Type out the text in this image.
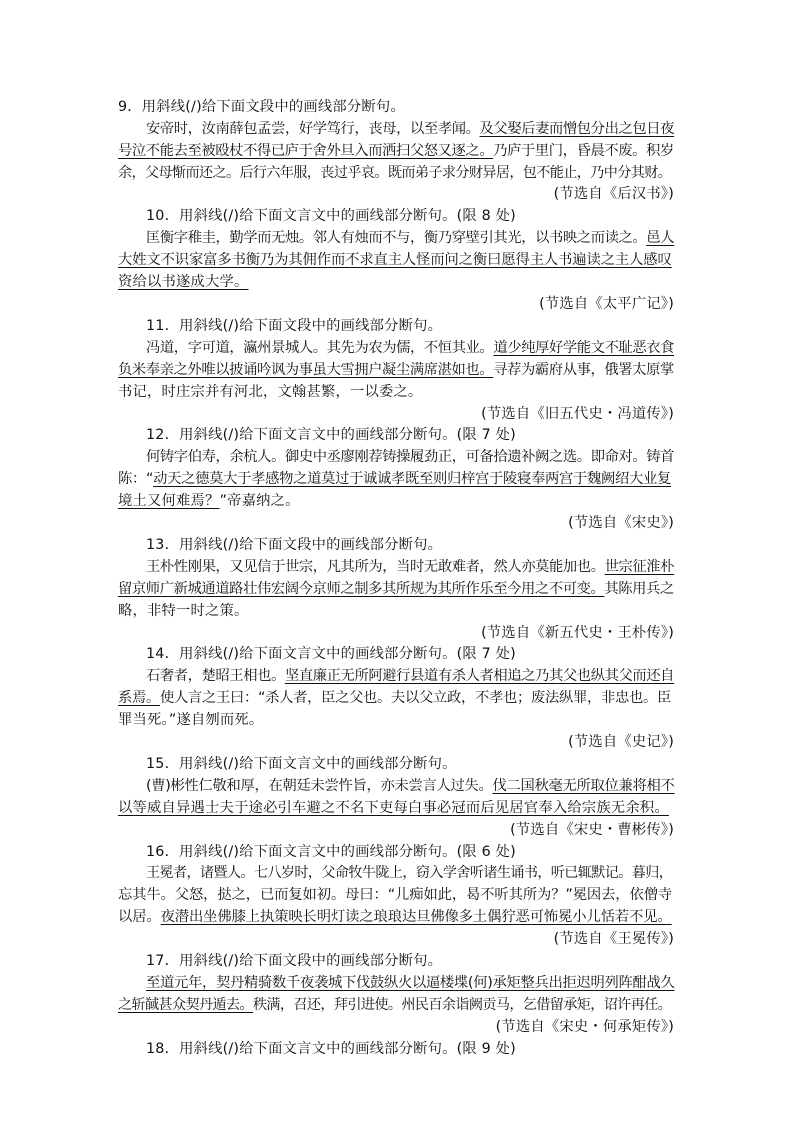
9．用斜线(/)给下面文段中的画线部分断句。
安帝时，汝南薛包孟尝，好学笃行，丧母，以至孝闻。及父娶后妻而憎包分出之包日夜
号泣不能去至被殴杖不得已庐于舍外旦入而洒扫父怒又逐之。乃庐于里门，昏晨不废。积岁
余，父母惭而还之。后行六年服，丧过乎哀。既而弟子求分财异居，包不能止，乃中分其财。
(节选自《后汉书》)
10．用斜线(/)给下面文言文中的画线部分断句。(限 8 处)
匡衡字稚圭，勤学而无烛。邻人有烛而不与，衡乃穿壁引其光，以书映之而读之。邑人
大姓文不识家富多书衡乃为其佣作而不求直主人怪而问之衡曰愿得主人书遍读之主人感叹
资给以书遂成大学。
(节选自《太平广记》)
11．用斜线(/)给下面文段中的画线部分断句。
冯道，字可道，瀛州景城人。其先为农为儒，不恒其业。道少纯厚好学能文不耻恶衣食
负米奉亲之外唯以披诵吟讽为事虽大雪拥户凝尘满席湛如也。寻荐为霸府从事，俄署太原掌
书记，时庄宗并有河北，文翰甚繁，一以委之。
(节选自《旧五代史・冯道传》)
12．用斜线(/)给下面文言文中的画线部分断句。(限 7 处)
何铸字伯寿，余杭人。御史中丞廖刚荐铸操履劲正，可备拾遗补阙之选。即命对。铸首
陈：“动天之德莫大于孝感物之道莫过于诚诚孝既至则归梓宫于陵寝奉两宫于魏阙绍大业复
境土又何难焉？”帝嘉纳之。
(节选自《宋史》)
13．用斜线(/)给下面文段中的画线部分断句。
王朴性刚果，又见信于世宗，凡其所为，当时无敢难者，然人亦莫能加也。世宗征淮朴
留京师广新城通道路壮伟宏阔今京师之制多其所规为其所作乐至今用之不可变。其陈用兵之
略，非特一时之策。
(节选自《新五代史・王朴传》)
14．用斜线(/)给下面文言文中的画线部分断句。(限 7 处)
石奢者，楚昭王相也。坚直廉正无所阿避行县道有杀人者相追之乃其父也纵其父而还自
系焉。使人言之王曰：“杀人者，臣之父也。夫以父立政，不孝也；废法纵罪，非忠也。臣
罪当死。”遂自刎而死。
(节选自《史记》)
15．用斜线(/)给下面文言文中的画线部分断句。
(曹)彬性仁敬和厚，在朝廷未尝忤旨，亦未尝言人过失。伐二国秋毫无所取位兼将相不
以等威自异遇士夫于途必引车避之不名下吏每白事必冠而后见居官奉入给宗族无余积。
(节选自《宋史・曹彬传》)
16．用斜线(/)给下面文言文中的画线部分断句。(限 6 处)
王冕者，诸暨人。七八岁时，父命牧牛陇上，窃入学舍听诸生诵书，听已辄默记。暮归，
忘其牛。父怒，挞之，已而复如初。母曰：“儿痴如此，曷不听其所为？”冕因去，依僧寺
以居。夜潜出坐佛膝上执策映长明灯读之琅琅达旦佛像多土偶狞恶可怖冕小儿恬若不见。
(节选自《王冕传》)
17．用斜线(/)给下面文段中的画线部分断句。
至道元年，契丹精骑数千夜袭城下伐鼓纵火以逼楼堞(何)承矩整兵出拒迟明列阵酣战久
之斩馘甚众契丹遁去。秩满，召还，拜引进使。州民百余诣阙贡马，乞借留承矩，诏许再任。
(节选自《宋史・何承矩传》)
18．用斜线(/)给下面文言文中的画线部分断句。(限 9 处)
